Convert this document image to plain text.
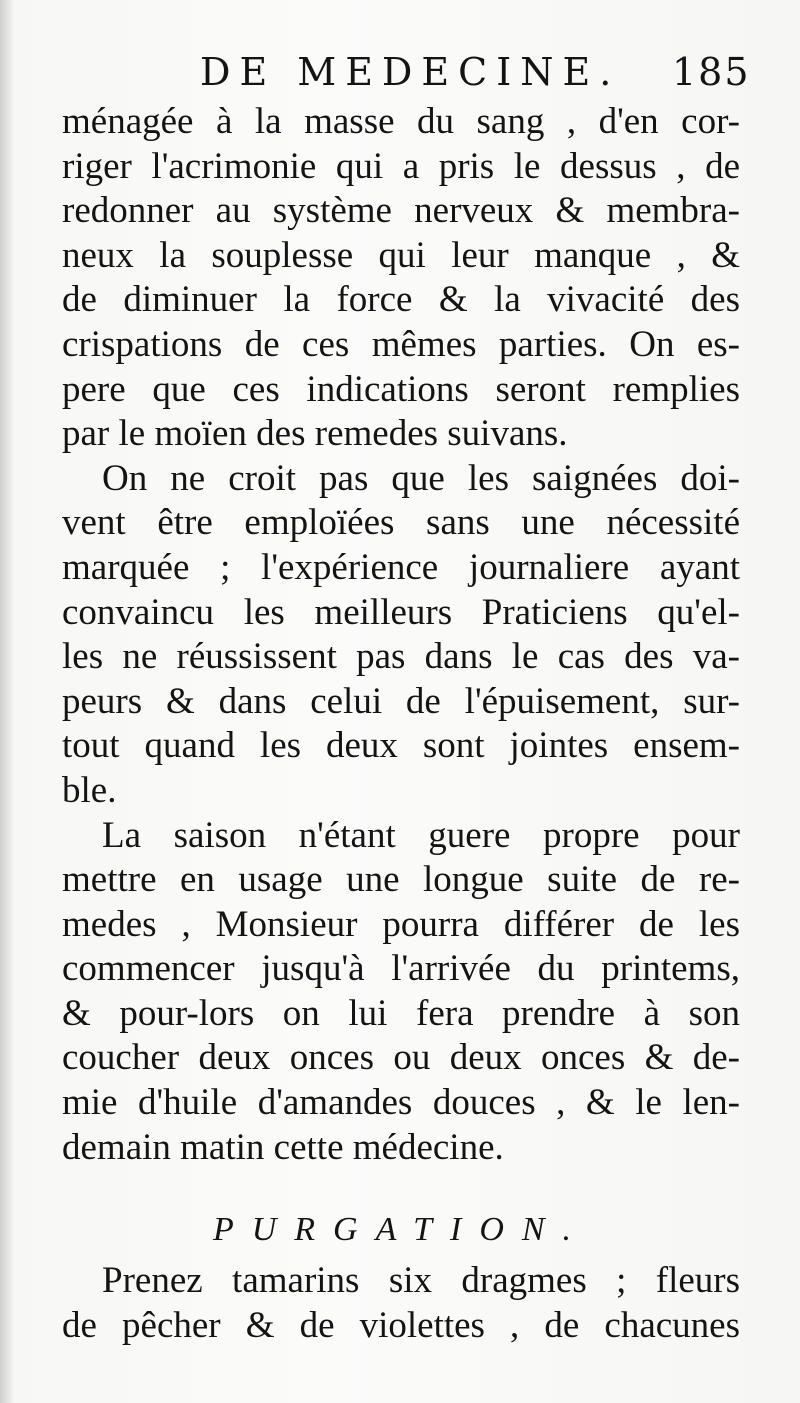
DE MEDECINE. 185
ménagée à la masse du sang , d'en cor-
riger l'acrimonie qui a pris le dessus , de
redonner au système nerveux & membra-
neux la souplesse qui leur manque , &
de diminuer la force & la vivacité des
crispations de ces mêmes parties. On es-
pere que ces indications seront remplies
par le moïen des remedes suivans.
On ne croit pas que les saignées doi-
vent être emploïées sans une nécessité
marquée ; l'expérience journaliere ayant
convaincu les meilleurs Praticiens qu'el-
les ne réussissent pas dans le cas des va-
peurs & dans celui de l'épuisement, sur-
tout quand les deux sont jointes ensem-
ble.
La saison n'étant guere propre pour
mettre en usage une longue suite de re-
medes , Monsieur pourra différer de les
commencer jusqu'à l'arrivée du printems,
& pour-lors on lui fera prendre à son
coucher deux onces ou deux onces & de-
mie d'huile d'amandes douces , & le len-
demain matin cette médecine.
PURGATION.
Prenez tamarins six dragmes ; fleurs
de pêcher & de violettes , de chacunes
